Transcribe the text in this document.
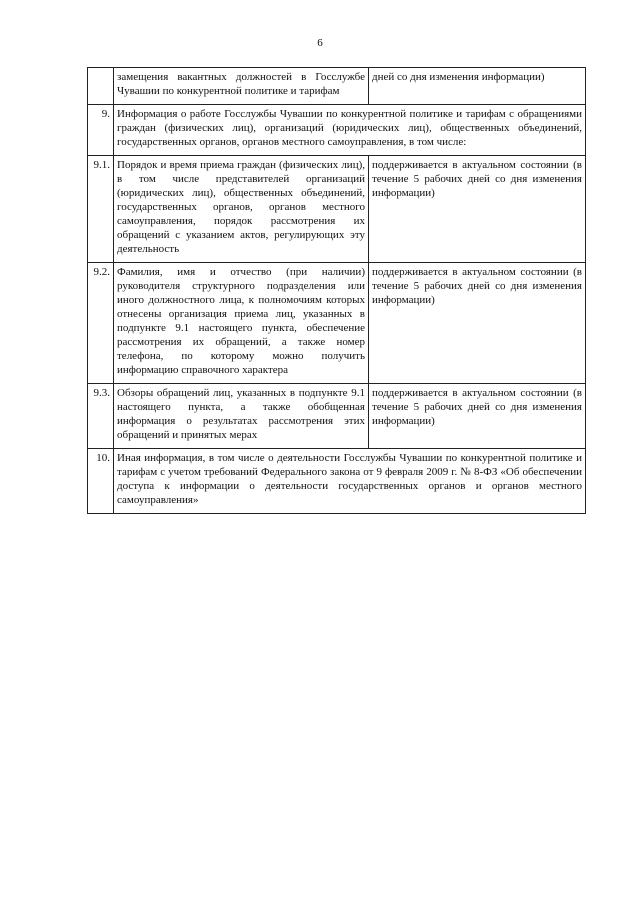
6
	замещения вакантных должностей в Госслужбе Чувашии по конкурентной политике и тарифам	дней со дня изменения информации)
9.	Информация о работе Госслужбы Чувашии по конкурентной политике и тарифам с обращениями граждан (физических лиц), организаций (юридических лиц), общественных объединений, государственных органов, органов местного самоуправления, в том числе:	
9.1.	Порядок и время приема граждан (физических лиц), в том числе представителей организаций (юридических лиц), общественных объединений, государственных органов, органов местного самоуправления, порядок рассмотрения их обращений с указанием актов, регулирующих эту деятельность	поддерживается в актуальном состоянии (в течение 5 рабочих дней со дня изменения информации)
9.2.	Фамилия, имя и отчество (при наличии) руководителя структурного подразделения или иного должностного лица, к полномочиям которых отнесены организация приема лиц, указанных в подпункте 9.1 настоящего пункта, обеспечение рассмотрения их обращений, а также номер телефона, по которому можно получить информацию справочного характера	поддерживается в актуальном состоянии (в течение 5 рабочих дней со дня изменения информации)
9.3.	Обзоры обращений лиц, указанных в подпункте 9.1 настоящего пункта, а также обобщенная информация о результатах рассмотрения этих обращений и принятых мерах	поддерживается в актуальном состоянии (в течение 5 рабочих дней со дня изменения информации)
10.	Иная информация, в том числе о деятельности Госслужбы Чувашии по конкурентной политике и тарифам с учетом требований Федерального закона от 9 февраля 2009 г. № 8-ФЗ «Об обеспечении доступа к информации о деятельности государственных органов и органов местного самоуправления»	
